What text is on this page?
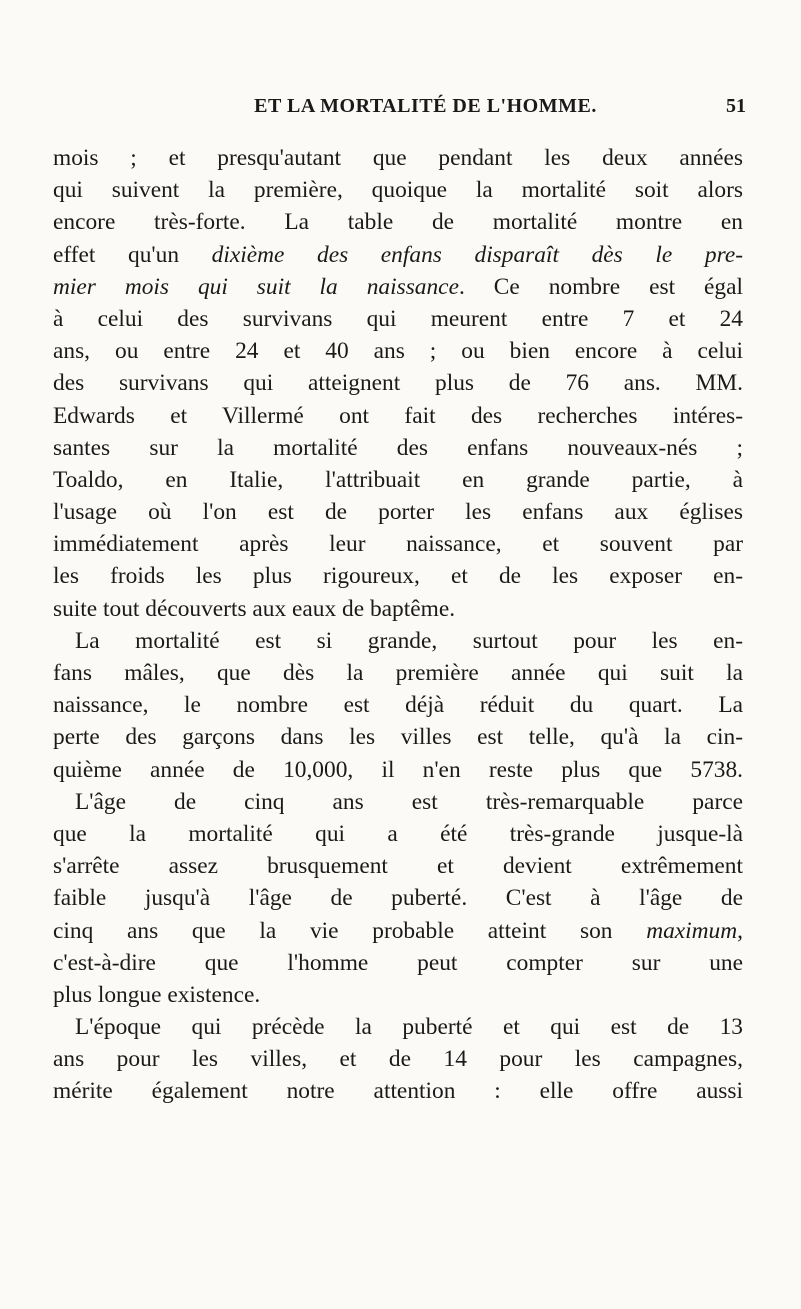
ET LA MORTALITÉ DE L'HOMME.	51
mois ; et presqu'autant que pendant les deux années
qui suivent la première, quoique la mortalité soit alors
encore très-forte. La table de mortalité montre en
effet qu'un dixième des enfans disparaît dès le pre-
mier mois qui suit la naissance. Ce nombre est égal
à celui des survivans qui meurent entre 7 et 24
ans, ou entre 24 et 40 ans ; ou bien encore à celui
des survivans qui atteignent plus de 76 ans. MM.
Edwards et Villermé ont fait des recherches intéres-
santes sur la mortalité des enfans nouveaux-nés ;
Toaldo, en Italie, l'attribuait en grande partie, à
l'usage où l'on est de porter les enfans aux églises
immédiatement après leur naissance, et souvent par
les froids les plus rigoureux, et de les exposer en-
suite tout découverts aux eaux de baptême.
La mortalité est si grande, surtout pour les en-
fans mâles, que dès la première année qui suit la
naissance, le nombre est déjà réduit du quart. La
perte des garçons dans les villes est telle, qu'à la cin-
quième année de 10,000, il n'en reste plus que 5738.
L'âge de cinq ans est très-remarquable parce
que la mortalité qui a été très-grande jusque-là
s'arrête assez brusquement et devient extrêmement
faible jusqu'à l'âge de puberté. C'est à l'âge de
cinq ans que la vie probable atteint son maximum,
c'est-à-dire que l'homme peut compter sur une
plus longue existence.
L'époque qui précède la puberté et qui est de 13
ans pour les villes, et de 14 pour les campagnes,
mérite également notre attention : elle offre aussi
